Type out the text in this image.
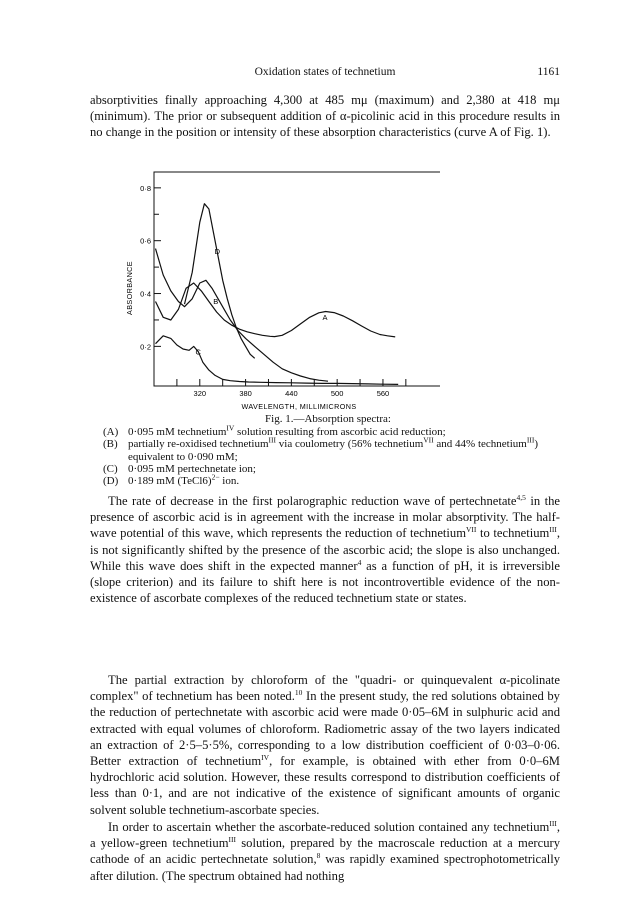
Oxidation states of technetium	1161

absorptivities finally approaching 4,300 at 485 mμ (maximum) and 2,380 at 418 mμ (minimum). The prior or subsequent addition of α-picolinic acid in this procedure results in no change in the position or intensity of these absorption characteristics (curve A of Fig. 1).

320	380	440	500	560
0·2
0·4
0·6
0·8
A
B
C
D
ABSORBANCE
WAVELENGTH, MILLIMICRONS
Fig. 1.—Absorption spectra:
(A) 0·095 mM technetium$^{IV}$ solution resulting from ascorbic acid reduction;
(B) partially re-oxidised technetium$^{III}$ via coulometry (56% technetium$^{VII}$ and 44% technetium$^{III}$) equivalent to 0·090 mM;
(C) 0·095 mM pertechnetate ion;
(D) 0·189 mM (TeCl6)$^{2-}$ ion.

The rate of decrease in the first polarographic reduction wave of pertechnetate$^{4,5}$ in the presence of ascorbic acid is in agreement with the increase in molar absorptivity. The half-wave potential of this wave, which represents the reduction of technetium$^{VII}$ to technetium$^{III}$, is not significantly shifted by the presence of the ascorbic acid; the slope is also unchanged. While this wave does shift in the expected manner$^4$ as a function of pH, it is irreversible (slope criterion) and its failure to shift here is not incontrovertible evidence of the non-existence of ascorbate complexes of the reduced technetium state or states.

The partial extraction by chloroform of the "quadri- or quinquevalent α-picolinate complex" of technetium has been noted.$^{10}$ In the present study, the red solutions obtained by the reduction of pertechnetate with ascorbic acid were made 0·05–6M in sulphuric acid and extracted with equal volumes of chloroform. Radiometric assay of the two layers indicated an extraction of 2·5–5·5%, corresponding to a low distribution coefficient of 0·03–0·06. Better extraction of technetium$^{IV}$, for example, is obtained with ether from 0·0–6M hydrochloric acid solution. However, these results correspond to distribution coefficients of less than 0·1, and are not indicative of the existence of significant amounts of organic solvent soluble technetium-ascorbate species.

In order to ascertain whether the ascorbate-reduced solution contained any technetium$^{III}$, a yellow-green technetium$^{III}$ solution, prepared by the macroscale reduction at a mercury cathode of an acidic pertechnetate solution,$^8$ was rapidly examined spectrophotometrically after dilution. (The spectrum obtained had nothing
